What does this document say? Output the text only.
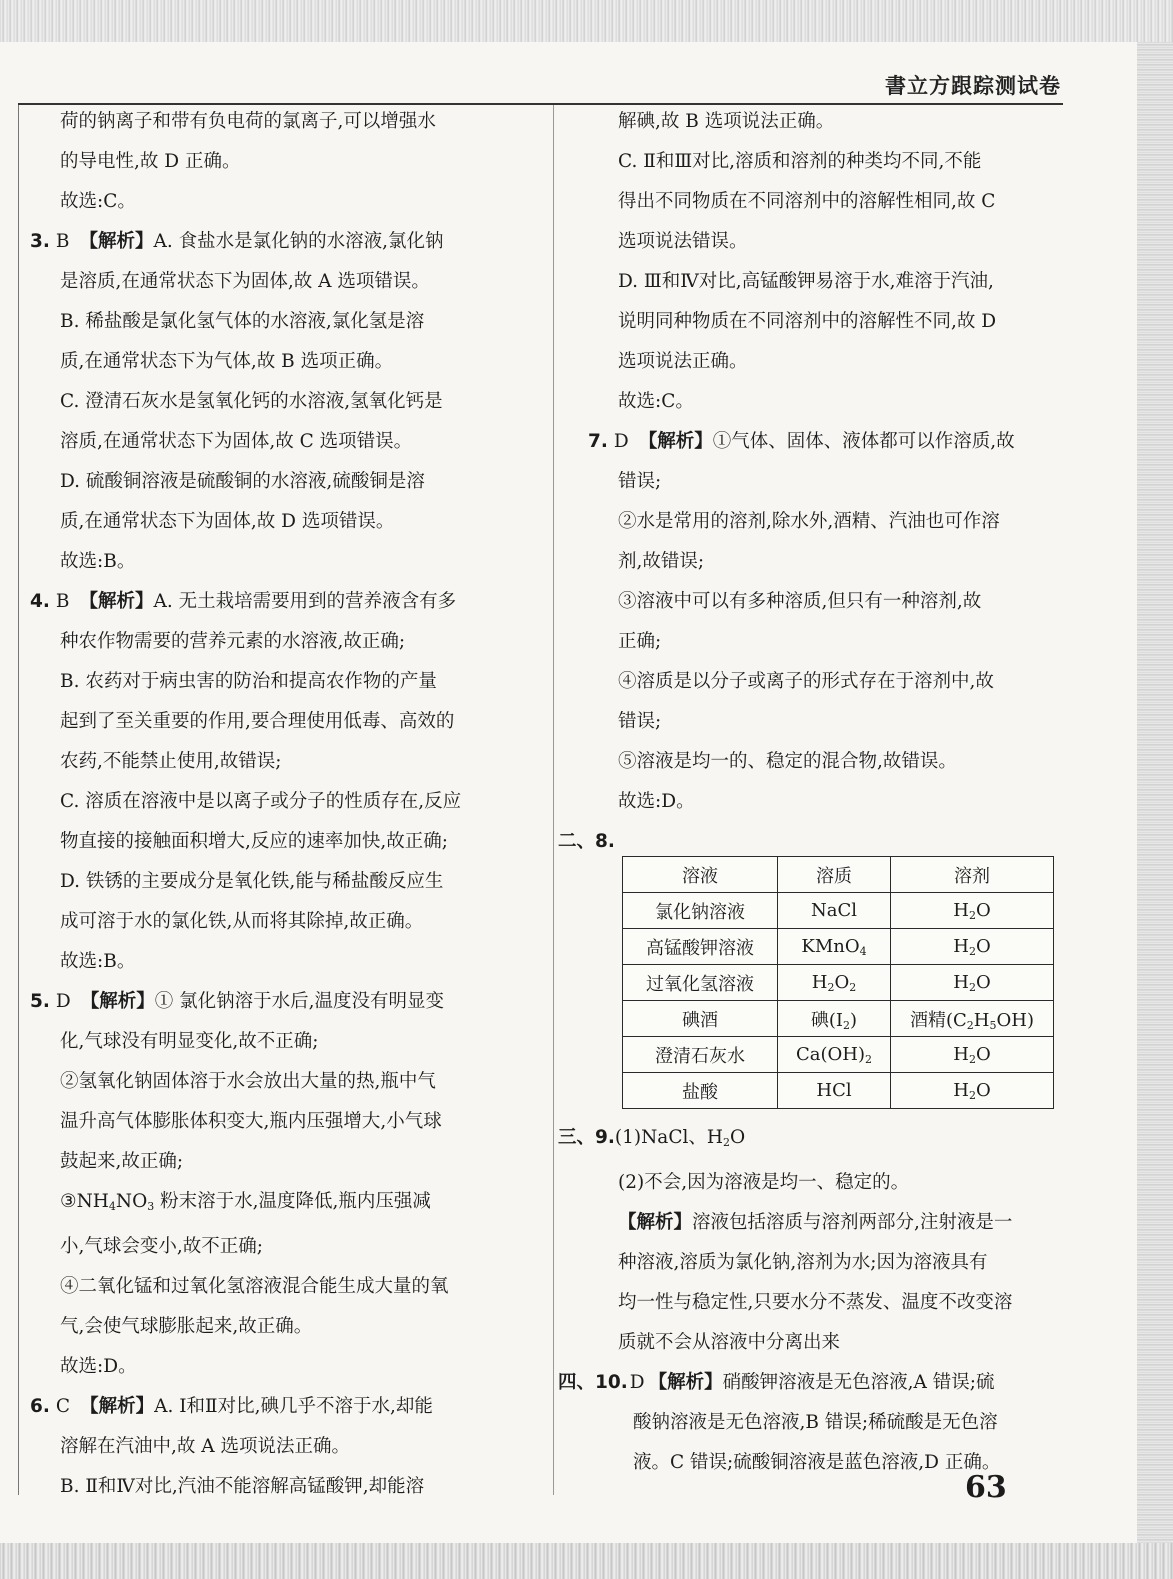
書立方跟踪测试卷

荷的钠离子和带有负电荷的氯离子,可以增强水

的导电性,故 D 正确。

故选:C。

3. B 【解析】A. 食盐水是氯化钠的水溶液,氯化钠

是溶质,在通常状态下为固体,故 A 选项错误。

B. 稀盐酸是氯化氢气体的水溶液,氯化氢是溶

质,在通常状态下为气体,故 B 选项正确。

C. 澄清石灰水是氢氧化钙的水溶液,氢氧化钙是

溶质,在通常状态下为固体,故 C 选项错误。

D. 硫酸铜溶液是硫酸铜的水溶液,硫酸铜是溶

质,在通常状态下为固体,故 D 选项错误。

故选:B。

4. B 【解析】A. 无土栽培需要用到的营养液含有多

种农作物需要的营养元素的水溶液,故正确;

B. 农药对于病虫害的防治和提高农作物的产量

起到了至关重要的作用,要合理使用低毒、高效的

农药,不能禁止使用,故错误;

C. 溶质在溶液中是以离子或分子的性质存在,反应

物直接的接触面积增大,反应的速率加快,故正确;

D. 铁锈的主要成分是氧化铁,能与稀盐酸反应生

成可溶于水的氯化铁,从而将其除掉,故正确。

故选:B。

5. D 【解析】① 氯化钠溶于水后,温度没有明显变

化,气球没有明显变化,故不正确;

②氢氧化钠固体溶于水会放出大量的热,瓶中气

温升高气体膨胀体积变大,瓶内压强增大,小气球

鼓起来,故正确;

$③NH_4NO_3$ 粉末溶于水,温度降低,瓶内压强减

小,气球会变小,故不正确;

④二氧化锰和过氧化氢溶液混合能生成大量的氧

气,会使气球膨胀起来,故正确。

故选:D。

6. C 【解析】A. Ⅰ和Ⅱ对比,碘几乎不溶于水,却能

溶解在汽油中,故 A 选项说法正确。

B. Ⅱ和Ⅳ对比,汽油不能溶解高锰酸钾,却能溶

解碘,故 B 选项说法正确。

C. Ⅱ和Ⅲ对比,溶质和溶剂的种类均不同,不能

得出不同物质在不同溶剂中的溶解性相同,故 C

选项说法错误。

D. Ⅲ和Ⅳ对比,高锰酸钾易溶于水,难溶于汽油,

说明同种物质在不同溶剂中的溶解性不同,故 D

选项说法正确。

故选:C。

7. D 【解析】①气体、固体、液体都可以作溶质,故

错误;

②水是常用的溶剂,除水外,酒精、汽油也可作溶

剂,故错误;

③溶液中可以有多种溶质,但只有一种溶剂,故

正确;

④溶质是以分子或离子的形式存在于溶剂中,故

错误;

⑤溶液是均一的、稳定的混合物,故错误。

故选:D。

二、8.

溶液	溶质	溶剂
氯化钠溶液	NaCl	$H_2O$
高锰酸钾溶液	KMnO$_4$	$H_2O$
过氧化氢溶液	$H_2O_2$	$H_2O$
碘酒	碘$(I_2)$	酒精$(C_2H_5OH)$
澄清石灰水	$Ca(OH)_2$	$H_2O$
盐酸	HCl	$H_2O$

三、9.(1)NaCl、$H_2O$

(2)不会,因为溶液是均一、稳定的。

【解析】溶液包括溶质与溶剂两部分,注射液是一

种溶液,溶质为氯化钠,溶剂为水;因为溶液具有

均一性与稳定性,只要水分不蒸发、温度不改变溶

质就不会从溶液中分离出来

四、10. D 【解析】硝酸钾溶液是无色溶液,A 错误;硫

酸钠溶液是无色溶液,B 错误;稀硫酸是无色溶

液。C 错误;硫酸铜溶液是蓝色溶液,D 正确。

63
